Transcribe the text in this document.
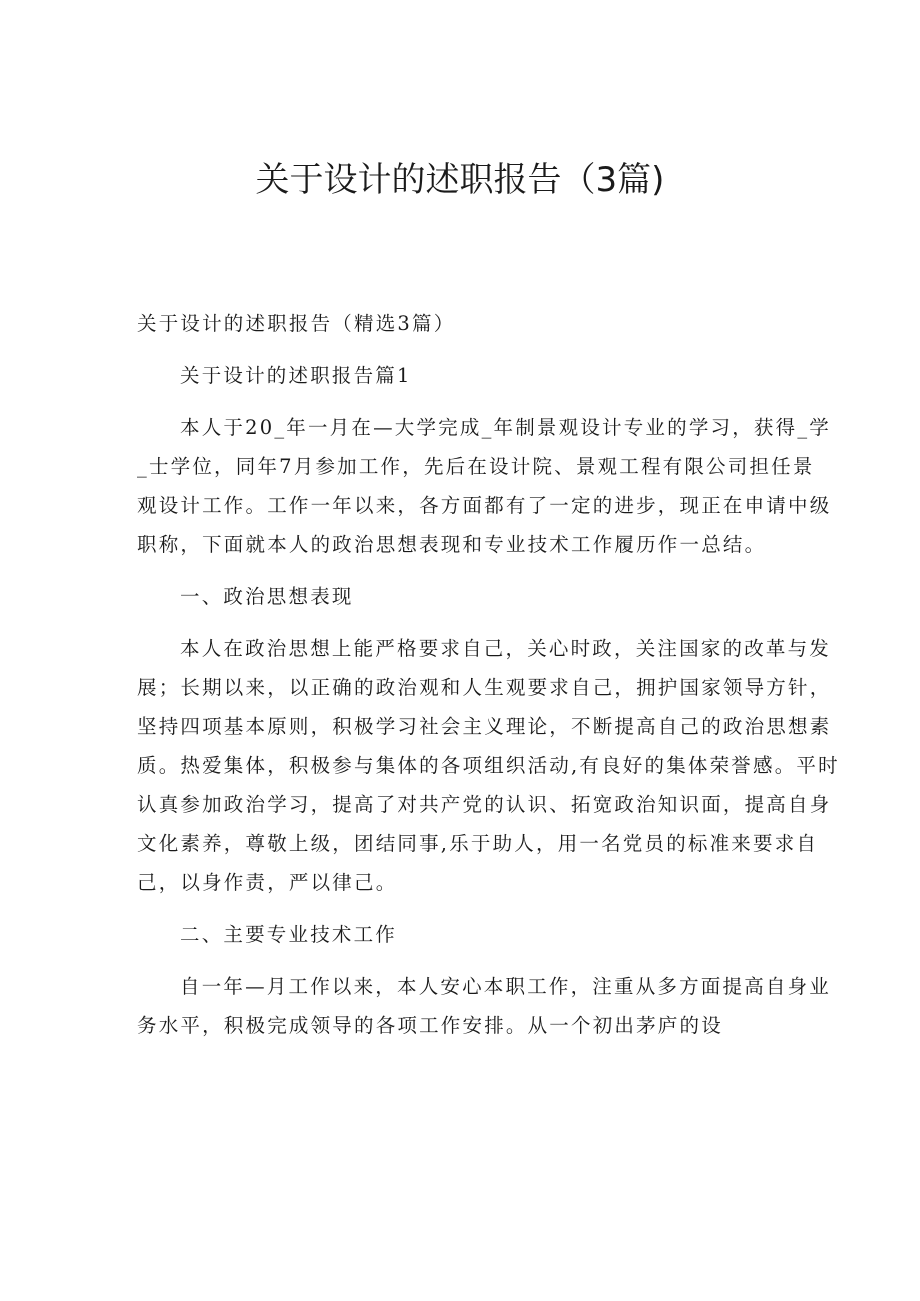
关于设计的述职报告（3篇)
关于设计的述职报告（精选3篇）
关于设计的述职报告篇1
本人于20_年一月在—大学完成_年制景观设计专业的学习，获得_学
_士学位，同年7月参加工作，先后在设计院、景观工程有限公司担任景
观设计工作。工作一年以来，各方面都有了一定的进步，现正在申请中级
职称，下面就本人的政治思想表现和专业技术工作履历作一总结。
一、政治思想表现
本人在政治思想上能严格要求自己，关心时政，关注国家的改革与发
展；长期以来，以正确的政治观和人生观要求自己，拥护国家领导方针，
坚持四项基本原则，积极学习社会主义理论，不断提高自己的政治思想素
质。热爱集体，积极参与集体的各项组织活动,有良好的集体荣誉感。平时
认真参加政治学习，提高了对共产党的认识、拓宽政治知识面，提高自身
文化素养，尊敬上级，团结同事,乐于助人，用一名党员的标准来要求自
己，以身作责，严以律己。
二、主要专业技术工作
自一年—月工作以来，本人安心本职工作，注重从多方面提高自身业
务水平，积极完成领导的各项工作安排。从一个初出茅庐的设
